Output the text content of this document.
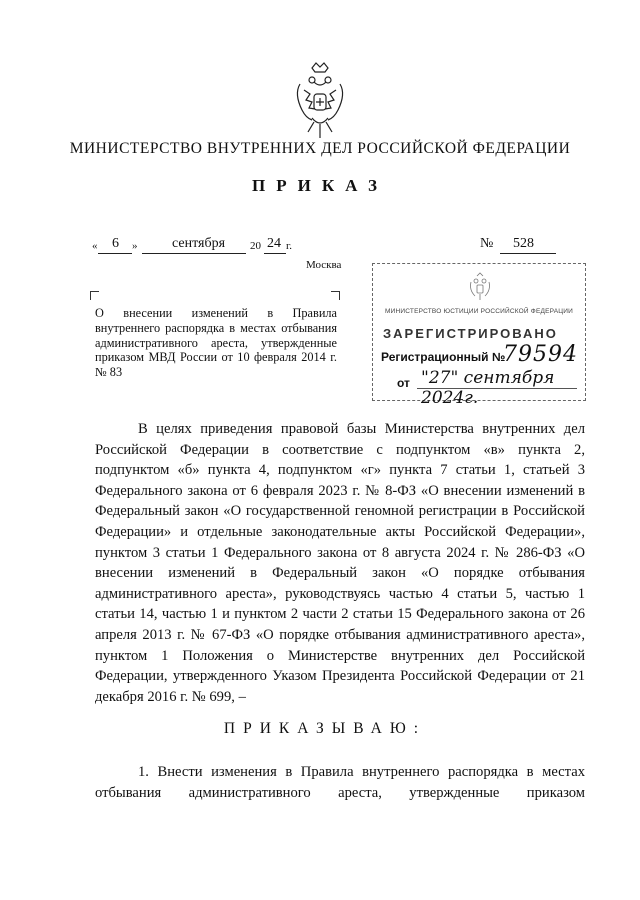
МИНИСТЕРСТВО ВНУТРЕННИХ ДЕЛ РОССИЙСКОЙ ФЕДЕРАЦИИ
ПРИКАЗ
« 6 » сентября 20 24 г.	№ 528
Москва
О внесении изменений в Правила внутреннего распорядка в местах отбывания административного ареста, утвержденные приказом МВД России от 10 февраля 2014 г. № 83
МИНИСТЕРСТВО ЮСТИЦИИ РОССИЙСКОЙ ФЕДЕРАЦИИ
ЗАРЕГИСТРИРОВАНО
Регистрационный №
79594
от "27" сентября 2024г.

В целях приведения правовой базы Министерства внутренних дел Российской Федерации в соответствие с подпунктом «в» пункта 2, подпунктом «б» пункта 4, подпунктом «г» пункта 7 статьи 1, статьей 3 Федерального закона от 6 февраля 2023 г. № 8-ФЗ «О внесении изменений в Федеральный закон «О государственной геномной регистрации в Российской Федерации» и отдельные законодательные акты Российской Федерации», пунктом 3 статьи 1 Федерального закона от 8 августа 2024 г. № 286-ФЗ «О внесении изменений в Федеральный закон «О порядке отбывания административного ареста», руководствуясь частью 4 статьи 5, частью 1 статьи 14, частью 1 и пунктом 2 части 2 статьи 15 Федерального закона от 26 апреля 2013 г. № 67-ФЗ «О порядке отбывания административного ареста», пунктом 1 Положения о Министерстве внутренних дел Российской Федерации, утвержденного Указом Президента Российской Федерации от 21 декабря 2016 г. № 699, –

ПРИКАЗЫВАЮ:

1. Внести изменения в Правила внутреннего распорядка в местах отбывания административного ареста, утвержденные приказом
